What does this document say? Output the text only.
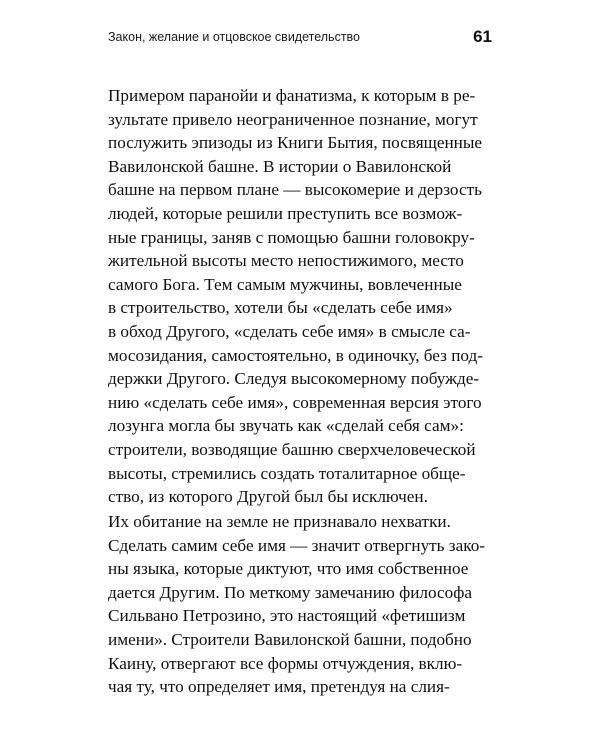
Закон, желание и отцовское свидетельство	61
Примером паранойи и фанатизма, к которым в ре-
зультате привело неограниченное познание, могут
послужить эпизоды из Книги Бытия, посвященные
Вавилонской башне. В истории о Вавилонской
башне на первом плане — высокомерие и дерзость
людей, которые решили преступить все возмож-
ные границы, заняв с помощью башни головокру-
жительной высоты место непостижимого, место
самого Бога. Тем самым мужчины, вовлеченные
в строительство, хотели бы «сделать себе имя»
в обход Другого, «сделать себе имя» в смысле са-
мосозидания, самостоятельно, в одиночку, без под-
держки Другого. Следуя высокомерному побужде-
нию «сделать себе имя», современная версия этого
лозунга могла бы звучать как «сделай себя сам»:
строители, возводящие башню сверхчеловеческой
высоты, стремились создать тоталитарное обще-
ство, из которого Другой был бы исключен.
Их обитание на земле не признавало нехватки.
Сделать самим себе имя — значит отвергнуть зако-
ны языка, которые диктуют, что имя собственное
дается Другим. По меткому замечанию философа
Сильвано Петрозино, это настоящий «фетишизм
имени». Строители Вавилонской башни, подобно
Каину, отвергают все формы отчуждения, вклю-
чая ту, что определяет имя, претендуя на слия-
